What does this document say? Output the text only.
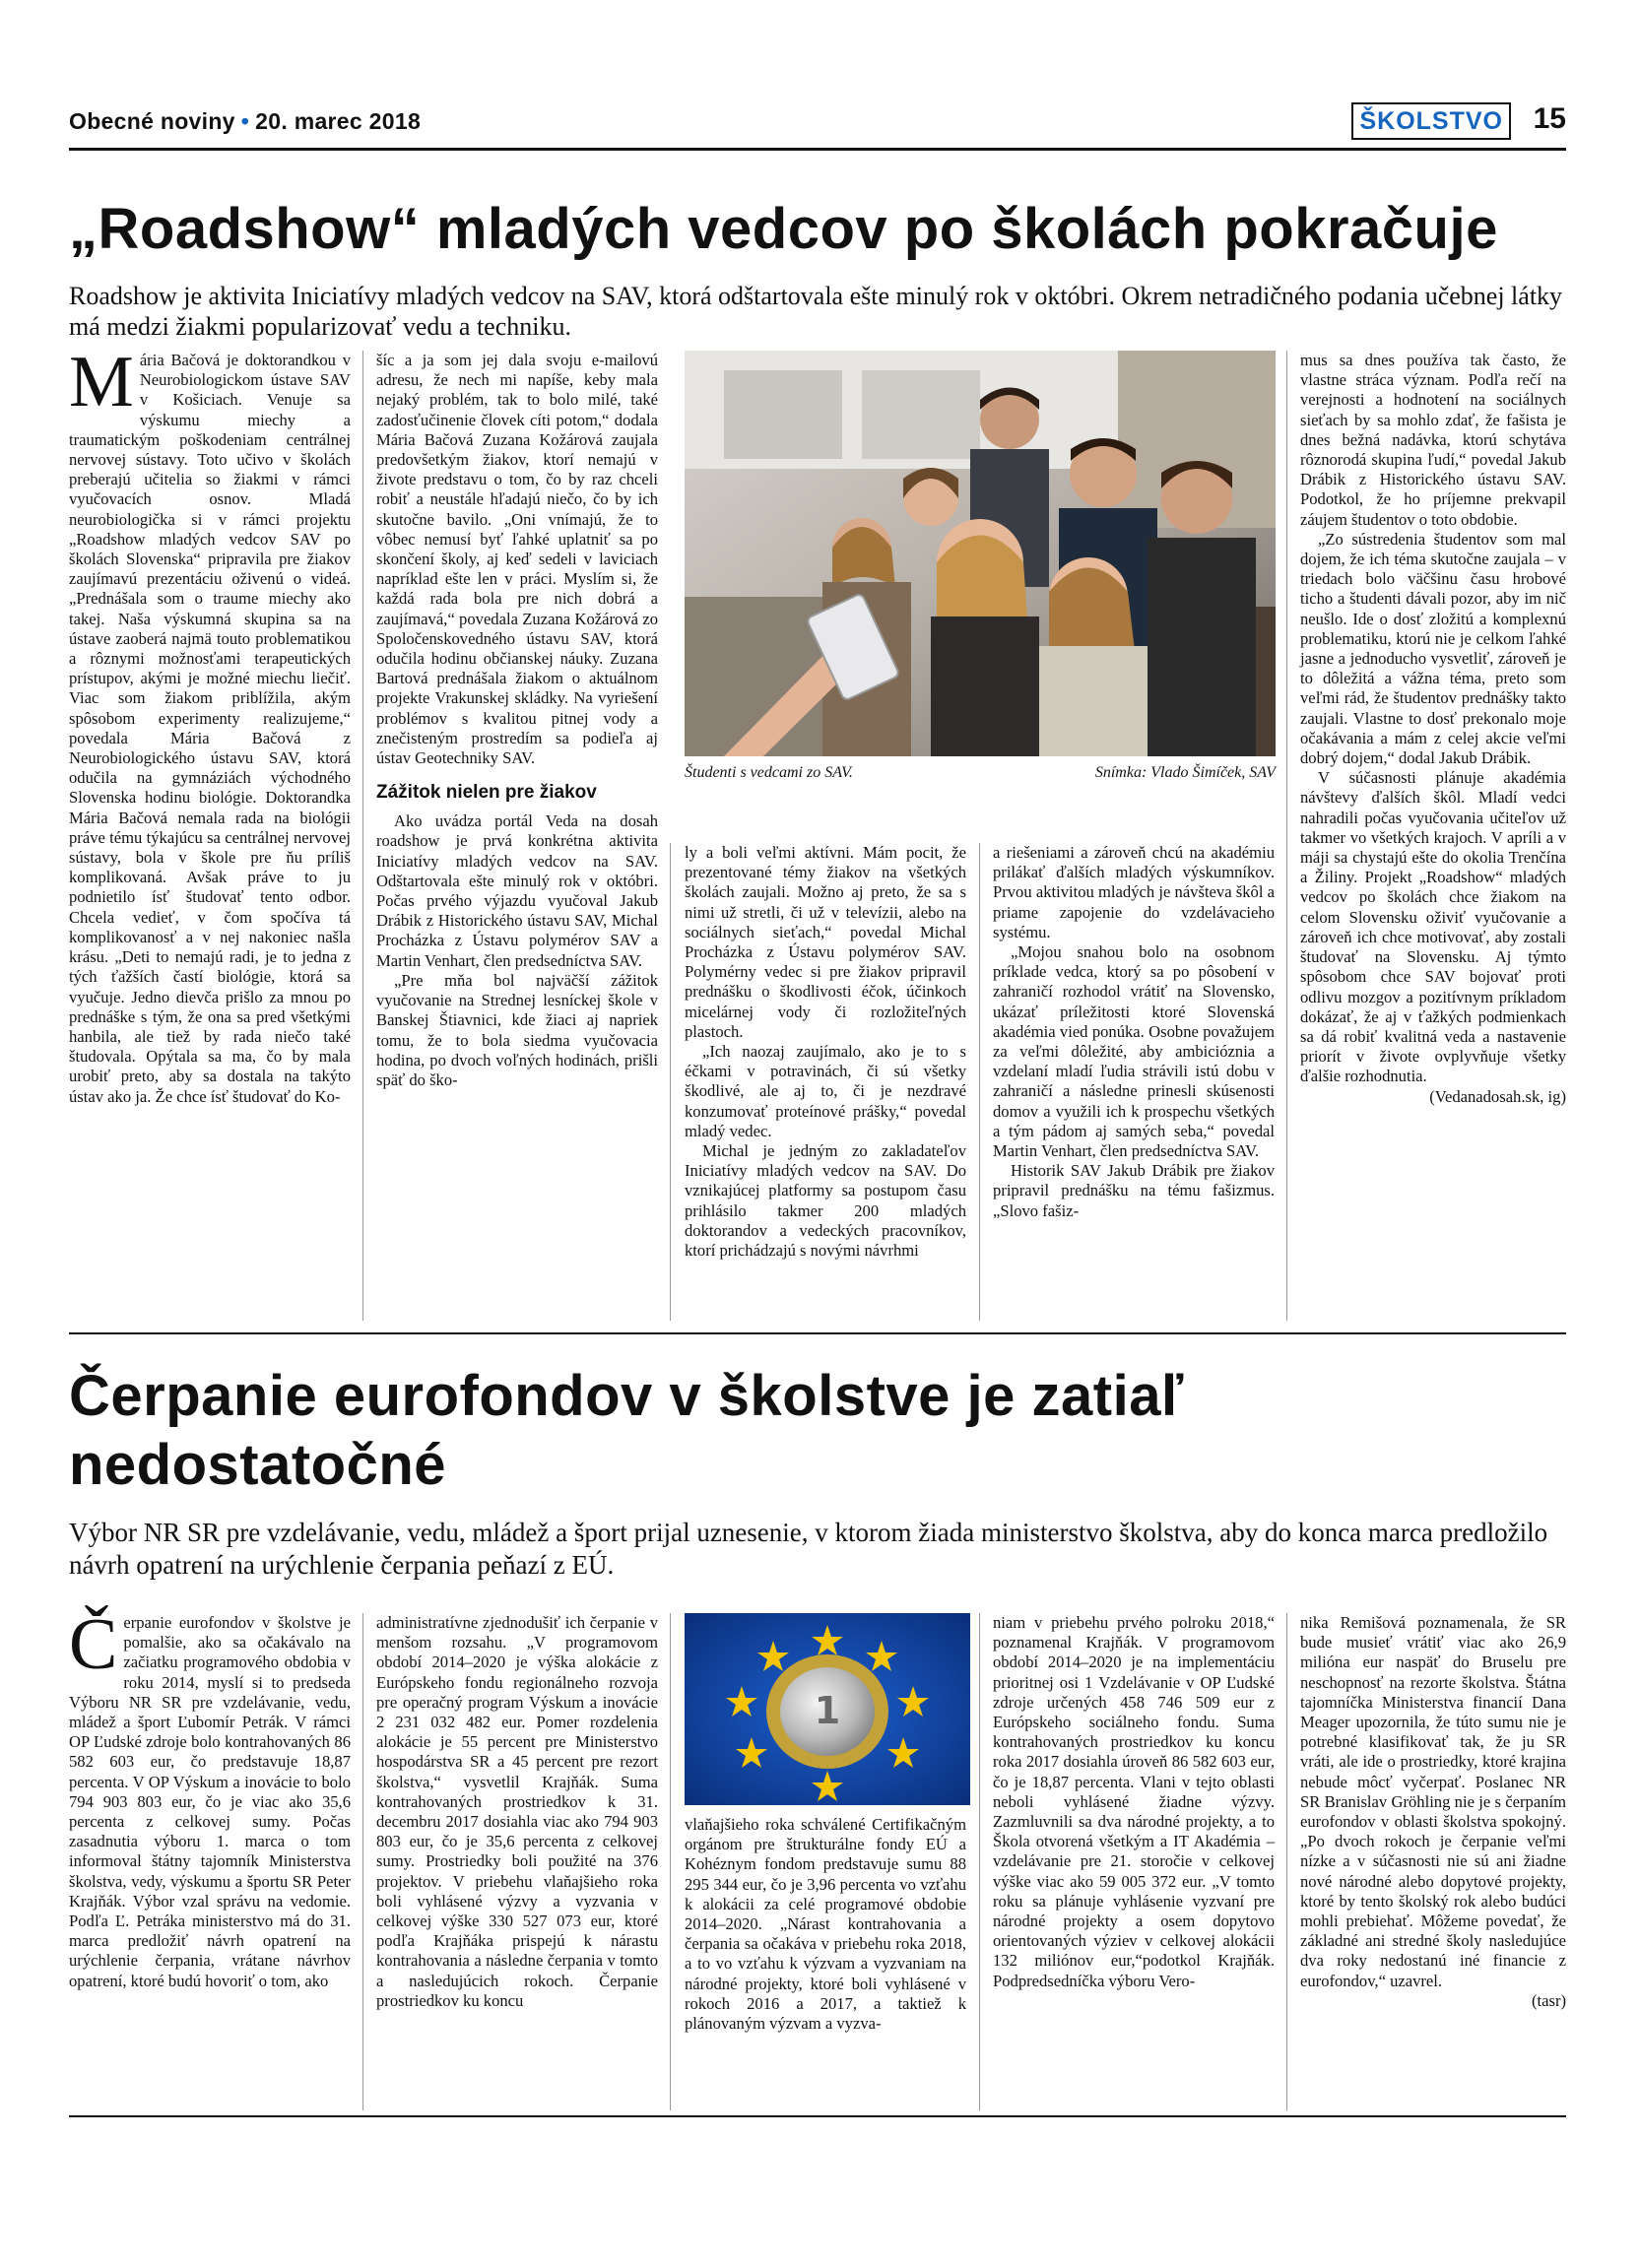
Obecné noviny • 20. marec 2018	ŠKOLSTVO 15
„Roadshow“ mladých vedcov po školách pokračuje
Roadshow je aktivita Iniciatívy mladých vedcov na SAV, ktorá odštartovala ešte minulý rok v októbri. Okrem netradičného podania učebnej látky má medzi žiakmi popularizovať vedu a techniku.

Mária Bačová je doktorandkou v Neurobiologickom ústave SAV v Košiciach. Venuje sa výskumu miechy a traumatickým poškodeniam centrálnej nervovej sústavy. Toto učivo v školách preberajú učitelia so žiakmi v rámci vyučovacích osnov. Mladá neurobiologička si v rámci projektu „Roadshow mladých vedcov SAV po školách Slovenska“ pripravila pre žiakov zaujímavú prezentáciu oživenú o videá. „Prednášala som o traume miechy ako takej. Naša výskumná skupina sa na ústave zaoberá najmä touto problematikou a rôznymi možnosťami terapeutických prístupov, akými je možné miechu liečiť. Viac som žiakom priblížila, akým spôsobom experimenty realizujeme,“ povedala Mária Bačová z Neurobiologického ústavu SAV, ktorá odučila na gymnáziách východného Slovenska hodinu biológie. Doktorandka Mária Bačová nemala rada na biológii práve tému týkajúcu sa centrálnej nervovej sústavy, bola v škole pre ňu príliš komplikovaná. Avšak práve to ju podnietilo ísť študovať tento odbor. Chcela vedieť, v čom spočíva tá komplikovanosť a v nej nakoniec našla krásu. „Deti to nemajú radi, je to jedna z tých ťažších častí biológie, ktorá sa vyučuje. Jedno dievča prišlo za mnou po prednáške s tým, že ona sa pred všetkými hanbila, ale tiež by rada niečo také študovala. Opýtala sa ma, čo by mala urobiť preto, aby sa dostala na takýto ústav ako ja. Že chce ísť študovať do Ko-

šíc a ja som jej dala svoju e-mailovú adresu, že nech mi napíše, keby mala nejaký problém, tak to bolo milé, také zadosťučinenie človek cíti potom,“ dodala Mária Bačová Zuzana Kožárová zaujala predovšetkým žiakov, ktorí nemajú v živote predstavu o tom, čo by raz chceli robiť a neustále hľadajú niečo, čo by ich skutočne bavilo. „Oni vnímajú, že to vôbec nemusí byť ľahké uplatniť sa po skončení školy, aj keď sedeli v laviciach napríklad ešte len v práci. Myslím si, že každá rada bola pre nich dobrá a zaujímavá,“ povedala Zuzana Kožárová zo Spoločenskovedného ústavu SAV, ktorá odučila hodinu občianskej náuky. Zuzana Bartová prednášala žiakom o aktuálnom projekte Vrakunskej skládky. Na vyriešení problémov s kvalitou pitnej vody a znečisteným prostredím sa podieľa aj ústav Geotechniky SAV.

Zážitok nielen pre žiakov

Ako uvádza portál Veda na dosah roadshow je prvá konkrétna aktivita Iniciatívy mladých vedcov na SAV. Odštartovala ešte minulý rok v októbri. Počas prvého výjazdu vyučoval Jakub Drábik z Historického ústavu SAV, Michal Procházka z Ústavu polymérov SAV a Martin Venhart, člen predsedníctva SAV.

„Pre mňa bol najväčší zážitok vyučovanie na Strednej lesníckej škole v Banskej Štiavnici, kde žiaci aj napriek tomu, že to bola siedma vyučovacia hodina, po dvoch voľných hodinách, prišli späť do ško-

Študenti s vedcami zo SAV.	Snímka: Vlado Šimíček, SAV

ly a boli veľmi aktívni. Mám pocit, že prezentované témy žiakov na všetkých školách zaujali. Možno aj preto, že sa s nimi už stretli, či už v televízii, alebo na sociálnych sieťach,“ povedal Michal Procházka z Ústavu polymérov SAV. Polymérny vedec si pre žiakov pripravil prednášku o škodlivosti éčok, účinkoch micelárnej vody či rozložiteľných plastoch.

„Ich naozaj zaujímalo, ako je to s éčkami v potravinách, či sú všetky škodlivé, ale aj to, či je nezdravé konzumovať proteínové prášky,“ povedal mladý vedec.

Michal je jedným zo zakladateľov Iniciatívy mladých vedcov na SAV. Do vznikajúcej platformy sa postupom času prihlásilo takmer 200 mladých doktorandov a vedeckých pracovníkov, ktorí prichádzajú s novými návrhmi

a riešeniami a zároveň chcú na akadémiu prilákať ďalších mladých výskumníkov. Prvou aktivitou mladých je návšteva škôl a priame zapojenie do vzdelávacieho systému.

„Mojou snahou bolo na osobnom príklade vedca, ktorý sa po pôsobení v zahraničí rozhodol vrátiť na Slovensko, ukázať príležitosti ktoré Slovenská akadémia vied ponúka. Osobne považujem za veľmi dôležité, aby ambicióznia a vzdelaní mladí ľudia strávili istú dobu v zahraničí a následne prinesli skúsenosti domov a využili ich k prospechu všetkých a tým pádom aj samých seba,“ povedal Martin Venhart, člen predsedníctva SAV.

Historik SAV Jakub Drábik pre žiakov pripravil prednášku na tému fašizmus. „Slovo fašiz-

mus sa dnes používa tak často, že vlastne stráca význam. Podľa rečí na verejnosti a hodnotení na sociálnych sieťach by sa mohlo zdať, že fašista je dnes bežná nadávka, ktorú schytáva rôznorodá skupina ľudí,“ povedal Jakub Drábik z Historického ústavu SAV. Podotkol, že ho príjemne prekvapil záujem študentov o toto obdobie.

„Zo sústredenia študentov som mal dojem, že ich téma skutočne zaujala – v triedach bolo väčšinu času hrobové ticho a študenti dávali pozor, aby im nič neušlo. Ide o dosť zložitú a komplexnú problematiku, ktorú nie je celkom ľahké jasne a jednoducho vysvetliť, zároveň je to dôležitá a vážna téma, preto som veľmi rád, že študentov prednášky takto zaujali. Vlastne to dosť prekonalo moje očakávania a mám z celej akcie veľmi dobrý dojem,“ dodal Jakub Drábik.

V súčasnosti plánuje akadémia návštevy ďalších škôl. Mladí vedci nahradili počas vyučovania učiteľov už takmer vo všetkých krajoch. V apríli a v máji sa chystajú ešte do okolia Trenčína a Žiliny. Projekt „Roadshow“ mladých vedcov po školách chce žiakom na celom Slovensku oživiť vyučovanie a zároveň ich chce motivovať, aby zostali študovať na Slovensku. Aj týmto spôsobom chce SAV bojovať proti odlivu mozgov a pozitívnym príkladom dokázať, že aj v ťažkých podmienkach sa dá robiť kvalitná veda a nastavenie priorít v živote ovplyvňuje všetky ďalšie rozhodnutia.

(Vedanadosah.sk, ig)

Čerpanie eurofondov v školstve je zatiaľ
nedostatočné
Výbor NR SR pre vzdelávanie, vedu, mládež a šport prijal uznesenie, v ktorom žiada ministerstvo školstva, aby do konca marca predložilo návrh opatrení na urýchlenie čerpania peňazí z EÚ.

Čerpanie eurofondov v školstve je pomalšie, ako sa očakávalo na začiatku programového obdobia v roku 2014, myslí si to predseda Výboru NR SR pre vzdelávanie, vedu, mládež a šport Ľubomír Petrák. V rámci OP Ľudské zdroje bolo kontrahovaných 86 582 603 eur, čo predstavuje 18,87 percenta. V OP Výskum a inovácie to bolo 794 903 803 eur, čo je viac ako 35,6 percenta z celkovej sumy. Počas zasadnutia výboru 1. marca o tom informoval štátny tajomník Ministerstva školstva, vedy, výskumu a športu SR Peter Krajňák. Výbor vzal správu na vedomie. Podľa Ľ. Petráka ministerstvo má do 31. marca predložiť návrh opatrení na urýchlenie čerpania, vrátane návrhov opatrení, ktoré budú hovoriť o tom, ako

administratívne zjednodušiť ich čerpanie v menšom rozsahu. „V programovom období 2014–2020 je výška alokácie z Európskeho fondu regionálneho rozvoja pre operačný program Výskum a inovácie 2 231 032 482 eur. Pomer rozdelenia alokácie je 55 percent pre Ministerstvo hospodárstva SR a 45 percent pre rezort školstva,“ vysvetlil Krajňák. Suma kontrahovaných prostriedkov k 31. decembru 2017 dosiahla viac ako 794 903 803 eur, čo je 35,6 percenta z celkovej sumy. Prostriedky boli použité na 376 projektov. V priebehu vlaňajšieho roka boli vyhlásené výzvy a vyzvania v celkovej výške 330 527 073 eur, ktoré podľa Krajňáka prispejú k nárastu kontrahovania a následne čerpania v tomto a nasledujúcich rokoch. Čerpanie prostriedkov ku koncu

1

vlaňajšieho roka schválené Certifikačným orgánom pre štrukturálne fondy EÚ a Kohéznym fondom predstavuje sumu 88 295 344 eur, čo je 3,96 percenta vo vzťahu k alokácii za celé programové obdobie 2014–2020. „Nárast kontrahovania a čerpania sa očakáva v priebehu roka 2018, a to vo vzťahu k výzvam a vyzvaniam na národné projekty, ktoré boli vyhlásené v rokoch 2016 a 2017, a taktiež k plánovaným výzvam a vyzva-

niam v priebehu prvého polroku 2018,“ poznamenal Krajňák. V programovom období 2014–2020 je na implementáciu prioritnej osi 1 Vzdelávanie v OP Ľudské zdroje určených 458 746 509 eur z Európskeho sociálneho fondu. Suma kontrahovaných prostriedkov ku koncu roka 2017 dosiahla úroveň 86 582 603 eur, čo je 18,87 percenta. Vlani v tejto oblasti neboli vyhlásené žiadne výzvy. Zazmluvnili sa dva národné projekty, a to Škola otvorená všetkým a IT Akadémia – vzdelávanie pre 21. storočie v celkovej výške viac ako 59 005 372 eur. „V tomto roku sa plánuje vyhlásenie vyzvaní pre národné projekty a osem dopytovo orientovaných výziev v celkovej alokácii 132 miliónov eur,“podotkol Krajňák. Podpredsedníčka výboru Vero-

nika Remišová poznamenala, že SR bude musieť vrátiť viac ako 26,9 milióna eur naspäť do Bruselu pre neschopnosť na rezorte školstva. Štátna tajomníčka Ministerstva financií Dana Meager upozornila, že túto sumu nie je potrebné klasifikovať tak, že ju SR vráti, ale ide o prostriedky, ktoré krajina nebude môcť vyčerpať. Poslanec NR SR Branislav Gröhling nie je s čerpaním eurofondov v oblasti školstva spokojný. „Po dvoch rokoch je čerpanie veľmi nízke a v súčasnosti nie sú ani žiadne nové národné alebo dopytové projekty, ktoré by tento školský rok alebo budúci mohli prebiehať. Môžeme povedať, že základné ani stredné školy nasledujúce dva roky nedostanú iné financie z eurofondov,“ uzavrel.

(tasr)
